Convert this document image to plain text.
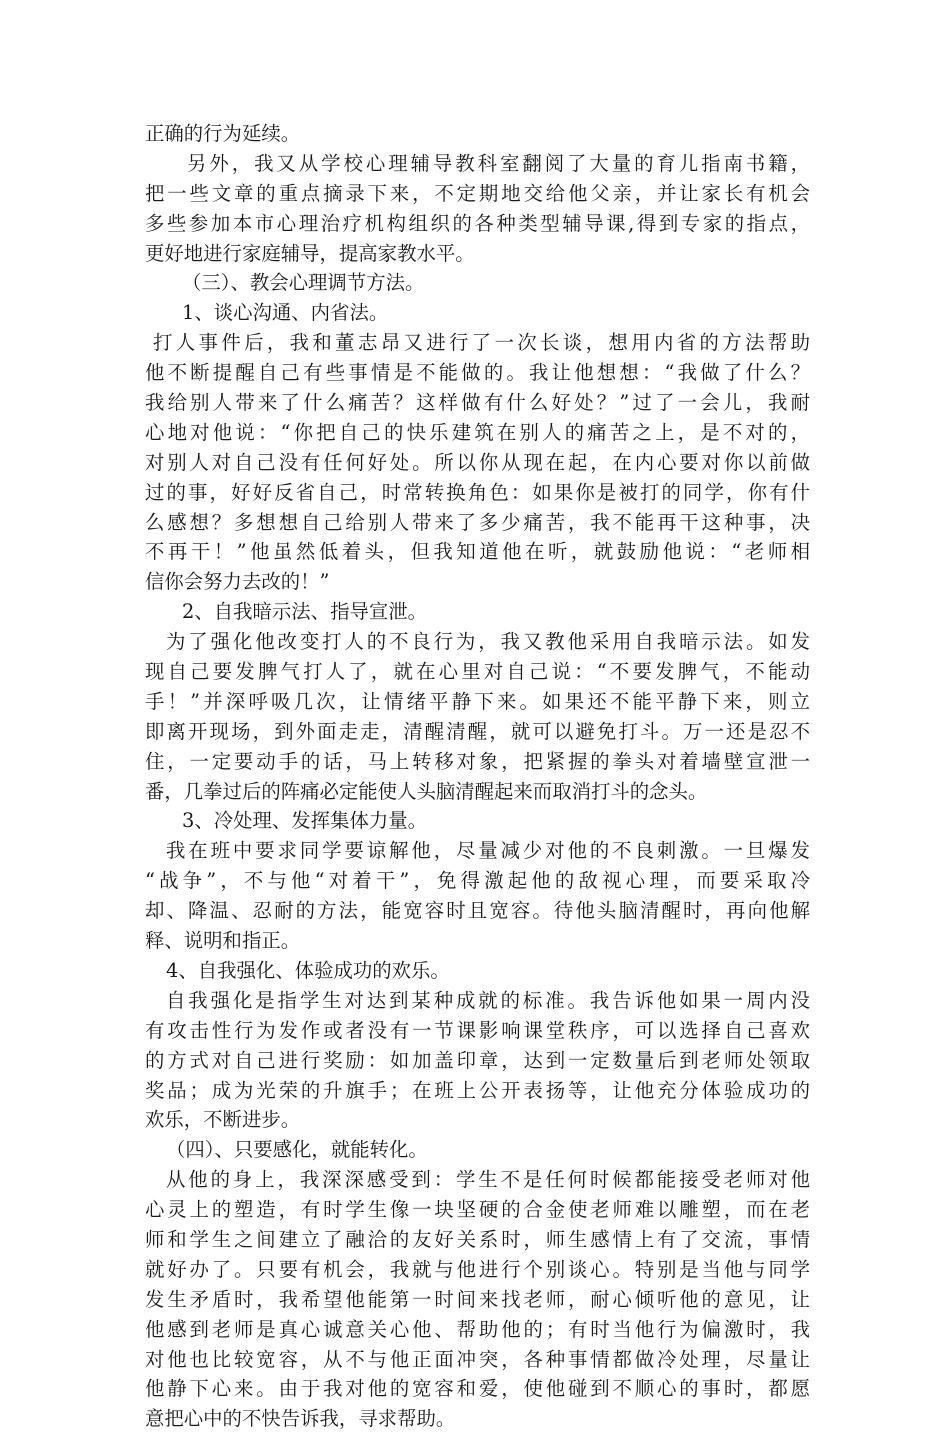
正确的行为延续。
另外，我又从学校心理辅导教科室翻阅了大量的育儿指南书籍，
把一些文章的重点摘录下来，不定期地交给他父亲，并让家长有机会
多些参加本市心理治疗机构组织的各种类型辅导课,得到专家的指点，
更好地进行家庭辅导，提高家教水平。
（三）、教会心理调节方法。
1、谈心沟通、内省法。
打人事件后，我和董志昂又进行了一次长谈，想用内省的方法帮助
他不断提醒自己有些事情是不能做的。我让他想想：“我做了什么？
我给别人带来了什么痛苦？这样做有什么好处？”过了一会儿，我耐
心地对他说：“你把自己的快乐建筑在别人的痛苦之上，是不对的，
对别人对自己没有任何好处。所以你从现在起，在内心要对你以前做
过的事，好好反省自己，时常转换角色：如果你是被打的同学，你有什
么感想？多想想自己给别人带来了多少痛苦，我不能再干这种事，决
不再干！”他虽然低着头，但我知道他在听，就鼓励他说：“老师相
信你会努力去改的！”
2、自我暗示法、指导宣泄。
为了强化他改变打人的不良行为，我又教他采用自我暗示法。如发
现自己要发脾气打人了，就在心里对自己说：“不要发脾气，不能动
手！”并深呼吸几次，让情绪平静下来。如果还不能平静下来，则立
即离开现场，到外面走走，清醒清醒，就可以避免打斗。万一还是忍不
住，一定要动手的话，马上转移对象，把紧握的拳头对着墙壁宣泄一
番，几拳过后的阵痛必定能使人头脑清醒起来而取消打斗的念头。
3、冷处理、发挥集体力量。
我在班中要求同学要谅解他，尽量减少对他的不良刺激。一旦爆发
“战争”，不与他“对着干”，免得激起他的敌视心理，而要采取冷
却、降温、忍耐的方法，能宽容时且宽容。待他头脑清醒时，再向他解
释、说明和指正。
4、自我强化、体验成功的欢乐。
自我强化是指学生对达到某种成就的标准。我告诉他如果一周内没
有攻击性行为发作或者没有一节课影响课堂秩序，可以选择自己喜欢
的方式对自己进行奖励：如加盖印章，达到一定数量后到老师处领取
奖品；成为光荣的升旗手；在班上公开表扬等，让他充分体验成功的
欢乐，不断进步。
（四）、只要感化，就能转化。
从他的身上，我深深感受到：学生不是任何时候都能接受老师对他
心灵上的塑造，有时学生像一块坚硬的合金使老师难以雕塑，而在老
师和学生之间建立了融洽的友好关系时，师生感情上有了交流，事情
就好办了。只要有机会，我就与他进行个别谈心。特别是当他与同学
发生矛盾时，我希望他能第一时间来找老师，耐心倾听他的意见，让
他感到老师是真心诚意关心他、帮助他的；有时当他行为偏激时，我
对他也比较宽容，从不与他正面冲突，各种事情都做冷处理，尽量让
他静下心来。由于我对他的宽容和爱，使他碰到不顺心的事时，都愿
意把心中的不快告诉我，寻求帮助。
